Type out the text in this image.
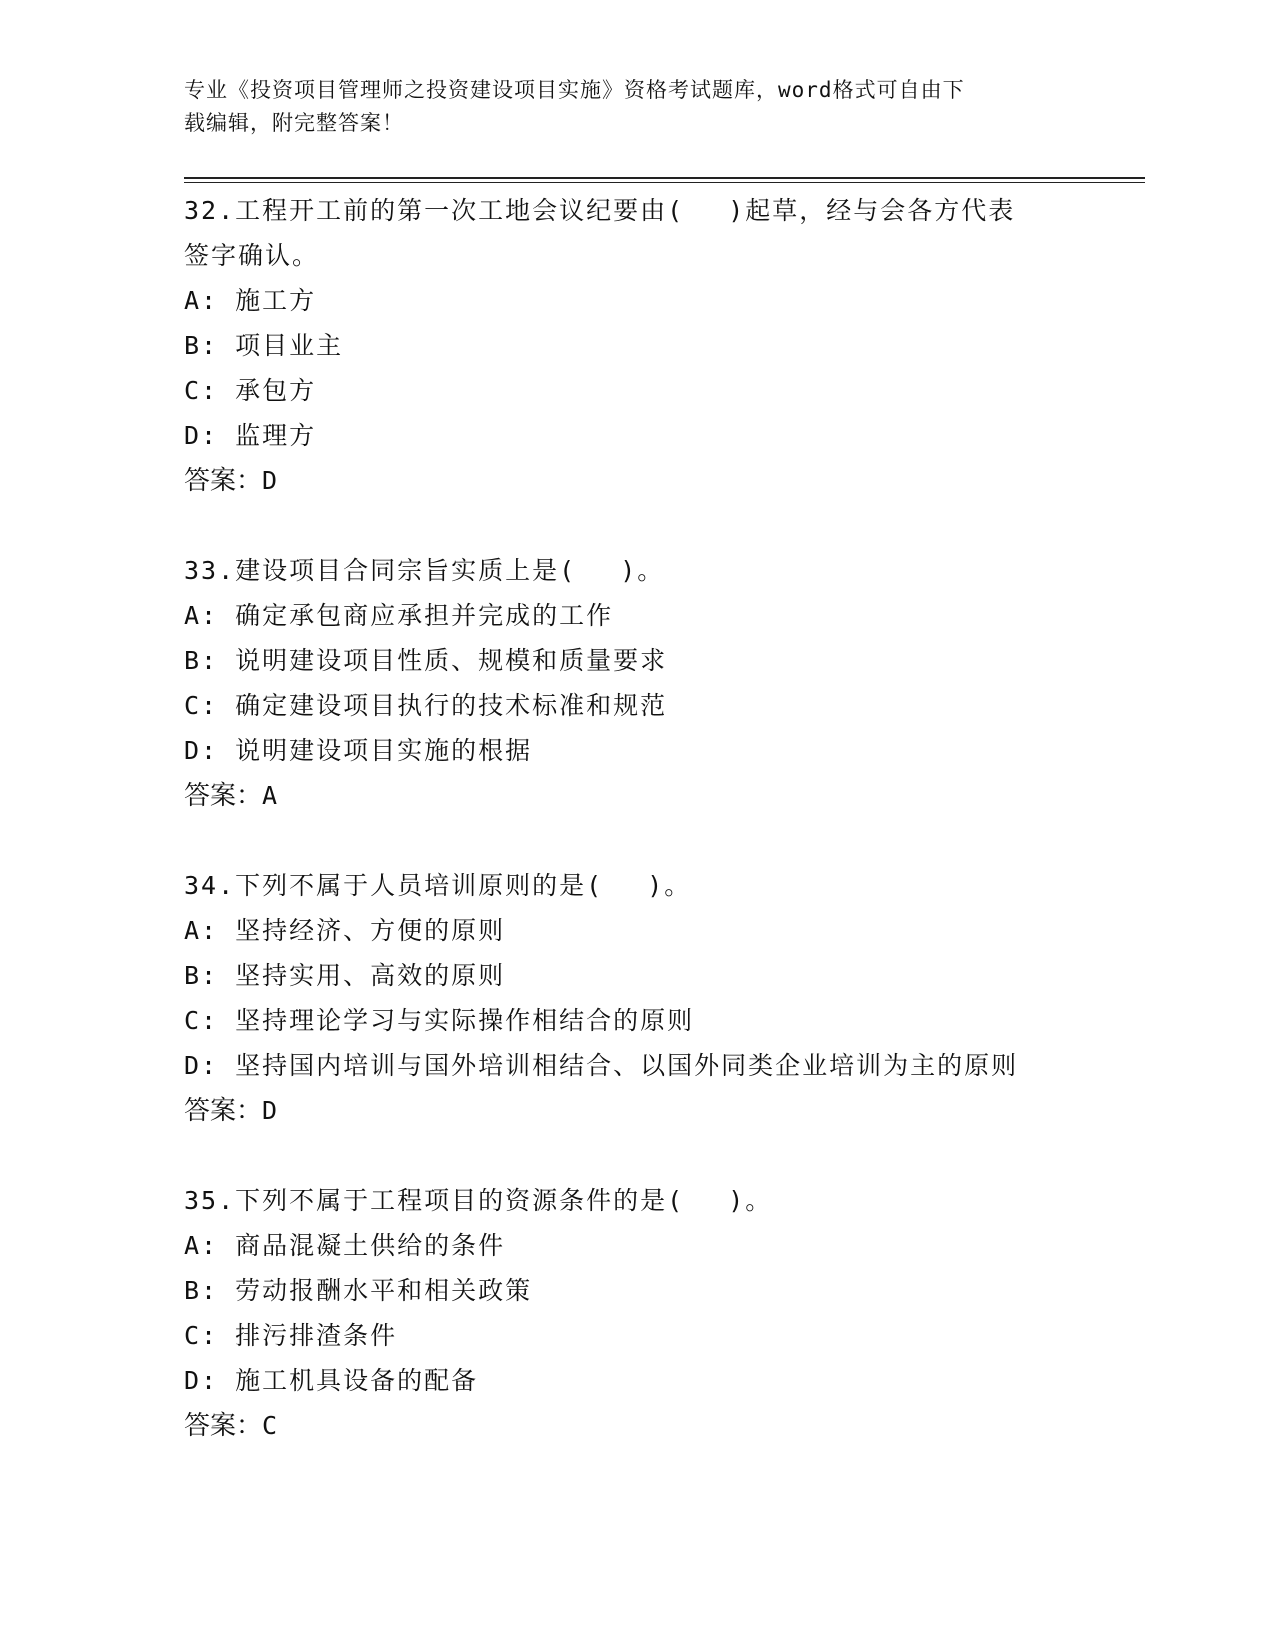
专业《投资项目管理师之投资建设项目实施》资格考试题库，word格式可自由下
载编辑，附完整答案！
32.工程开工前的第一次工地会议纪要由(　 )起草，经与会各方代表
签字确认。
A: 施工方
B: 项目业主
C: 承包方
D: 监理方
答案：D
33.建设项目合同宗旨实质上是(　 )。
A: 确定承包商应承担并完成的工作
B: 说明建设项目性质、规模和质量要求
C: 确定建设项目执行的技术标准和规范
D: 说明建设项目实施的根据
答案：A
34.下列不属于人员培训原则的是(　 )。
A: 坚持经济、方便的原则
B: 坚持实用、高效的原则
C: 坚持理论学习与实际操作相结合的原则
D: 坚持国内培训与国外培训相结合、以国外同类企业培训为主的原则
答案：D
35.下列不属于工程项目的资源条件的是(　 )。
A: 商品混凝土供给的条件
B: 劳动报酬水平和相关政策
C: 排污排渣条件
D: 施工机具设备的配备
答案：C
